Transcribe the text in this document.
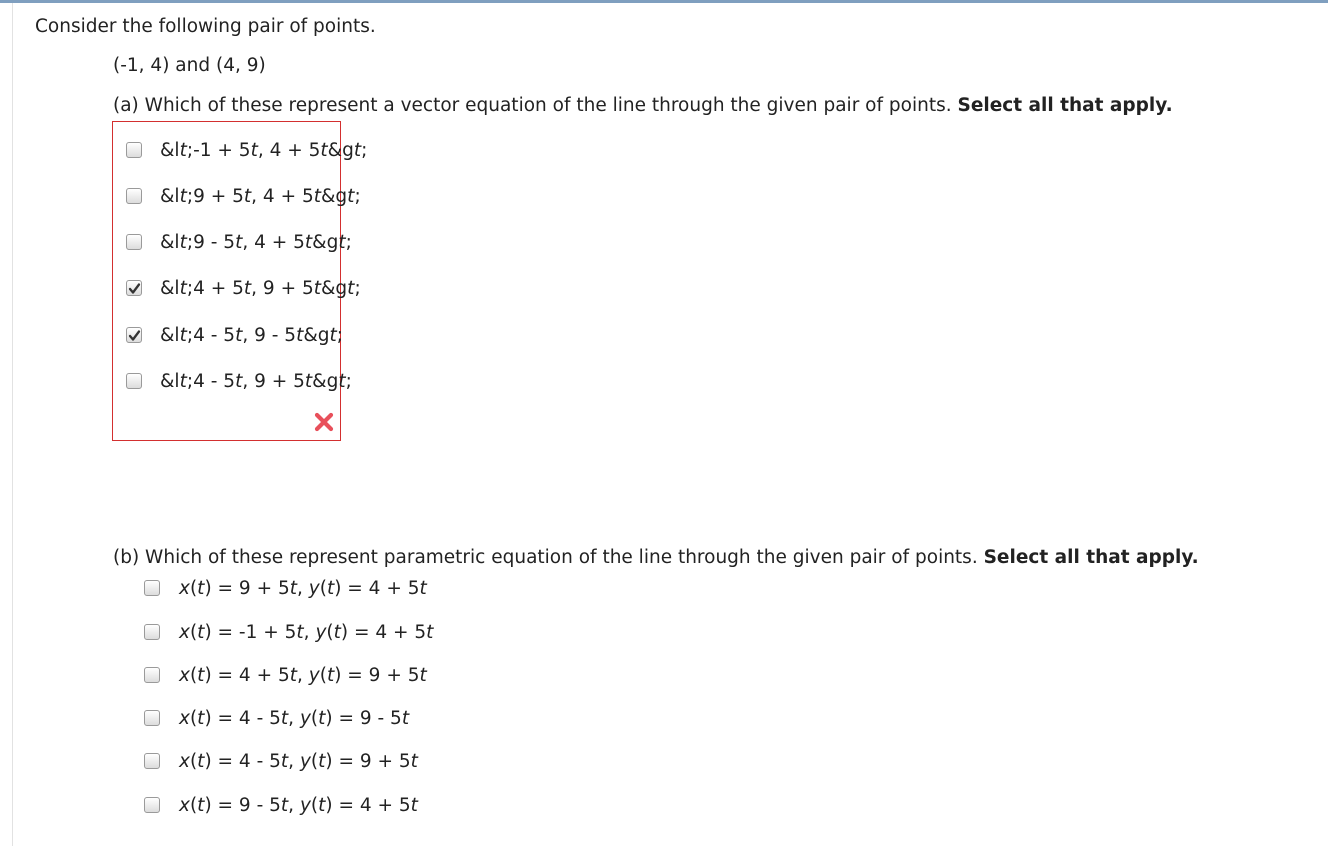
Consider the following pair of points.
(-1, 4) and (4, 9)
(a) Which of these represent a vector equation of the line through the given pair of points. Select all that apply.
&lt;-1 + 5t, 4 + 5t&gt;
&lt;9 + 5t, 4 + 5t&gt;
&lt;9 - 5t, 4 + 5t&gt;
&lt;4 + 5t, 9 + 5t&gt;
&lt;4 - 5t, 9 - 5t&gt;
&lt;4 - 5t, 9 + 5t&gt;
(b) Which of these represent parametric equation of the line through the given pair of points. Select all that apply.
x(t) = 9 + 5t, y(t) = 4 + 5t
x(t) = -1 + 5t, y(t) = 4 + 5t
x(t) = 4 + 5t, y(t) = 9 + 5t
x(t) = 4 - 5t, y(t) = 9 - 5t
x(t) = 4 - 5t, y(t) = 9 + 5t
x(t) = 9 - 5t, y(t) = 4 + 5t
